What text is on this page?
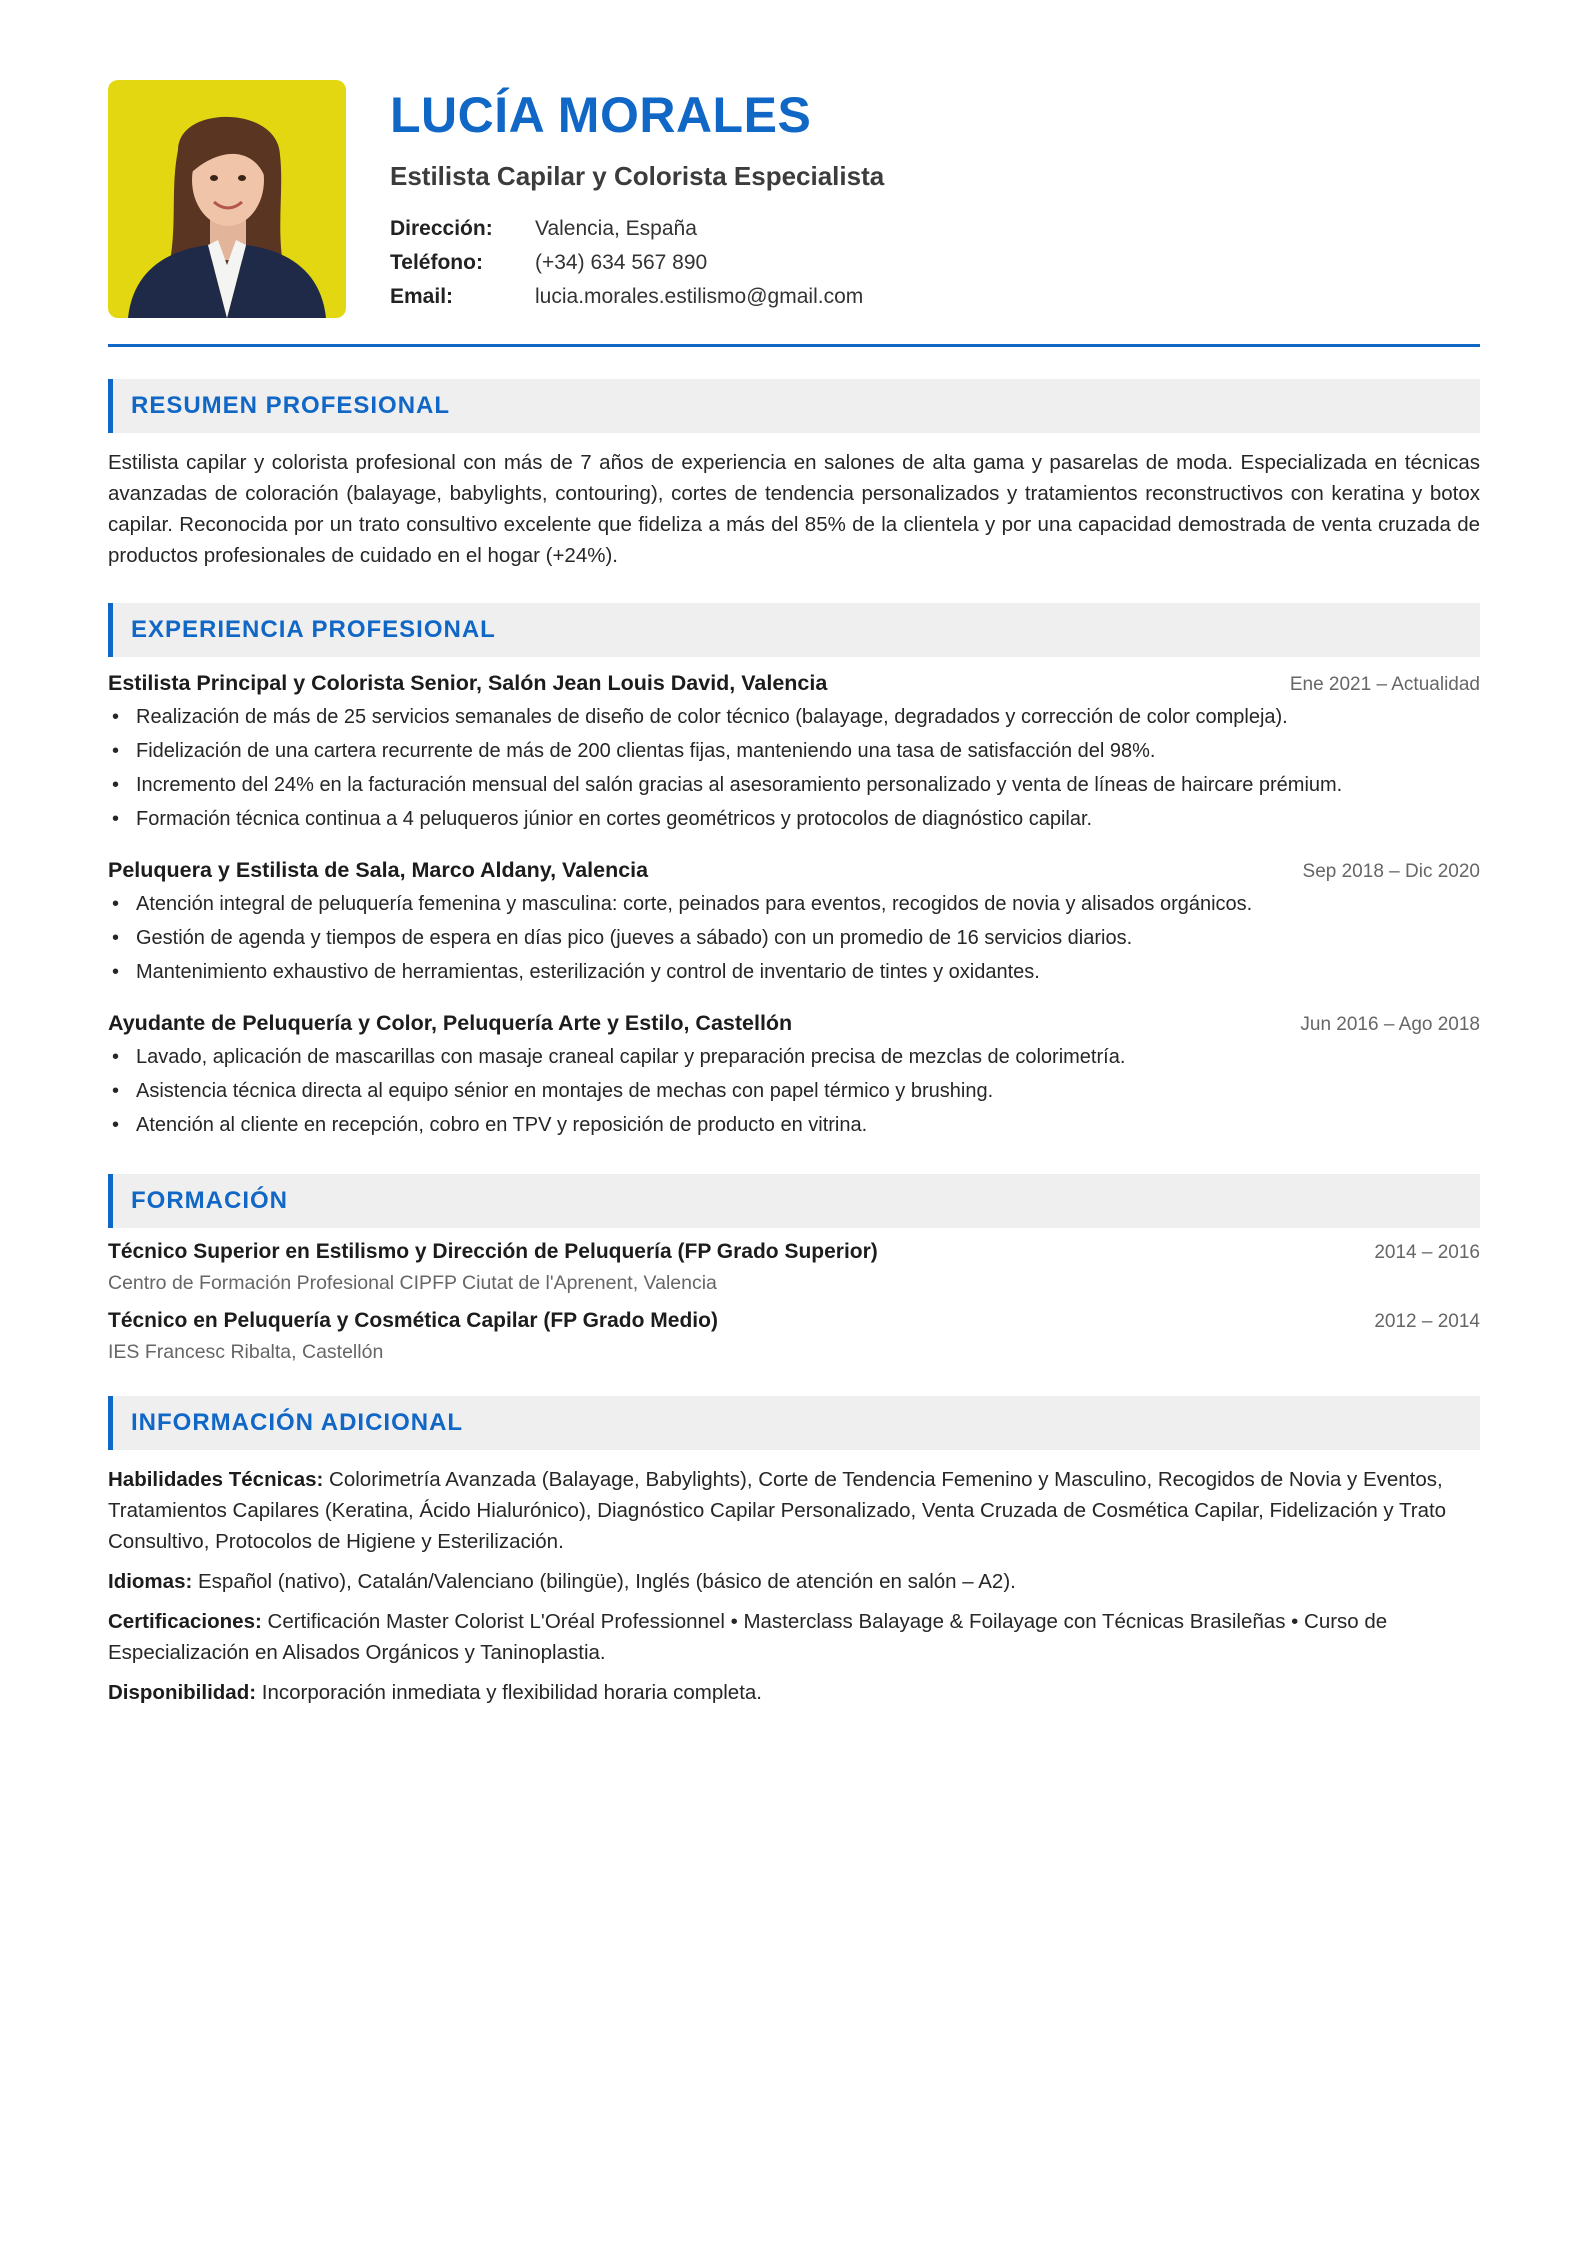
LUCÍA MORALES
Estilista Capilar y Colorista Especialista
Dirección:	Valencia, España
Teléfono:	(+34) 634 567 890
Email:	lucia.morales.estilismo@gmail.com
RESUMEN PROFESIONAL
Estilista capilar y colorista profesional con más de 7 años de experiencia en salones de alta gama y pasarelas de moda. Especializada en técnicas avanzadas de coloración (balayage, babylights, contouring), cortes de tendencia personalizados y tratamientos reconstructivos con keratina y botox capilar. Reconocida por un trato consultivo excelente que fideliza a más del 85% de la clientela y por una capacidad demostrada de venta cruzada de productos profesionales de cuidado en el hogar (+24%).
EXPERIENCIA PROFESIONAL
Estilista Principal y Colorista Senior, Salón Jean Louis David, Valencia	Ene 2021 – Actualidad
• Realización de más de 25 servicios semanales de diseño de color técnico (balayage, degradados y corrección de color compleja).
• Fidelización de una cartera recurrente de más de 200 clientas fijas, manteniendo una tasa de satisfacción del 98%.
• Incremento del 24% en la facturación mensual del salón gracias al asesoramiento personalizado y venta de líneas de haircare prémium.
• Formación técnica continua a 4 peluqueros júnior en cortes geométricos y protocolos de diagnóstico capilar.
Peluquera y Estilista de Sala, Marco Aldany, Valencia	Sep 2018 – Dic 2020
• Atención integral de peluquería femenina y masculina: corte, peinados para eventos, recogidos de novia y alisados orgánicos.
• Gestión de agenda y tiempos de espera en días pico (jueves a sábado) con un promedio de 16 servicios diarios.
• Mantenimiento exhaustivo de herramientas, esterilización y control de inventario de tintes y oxidantes.
Ayudante de Peluquería y Color, Peluquería Arte y Estilo, Castellón	Jun 2016 – Ago 2018
• Lavado, aplicación de mascarillas con masaje craneal capilar y preparación precisa de mezclas de colorimetría.
• Asistencia técnica directa al equipo sénior en montajes de mechas con papel térmico y brushing.
• Atención al cliente en recepción, cobro en TPV y reposición de producto en vitrina.
FORMACIÓN
Técnico Superior en Estilismo y Dirección de Peluquería (FP Grado Superior)	2014 – 2016
Centro de Formación Profesional CIPFP Ciutat de l'Aprenent, Valencia
Técnico en Peluquería y Cosmética Capilar (FP Grado Medio)	2012 – 2014
IES Francesc Ribalta, Castellón
INFORMACIÓN ADICIONAL

Habilidades Técnicas: Colorimetría Avanzada (Balayage, Babylights), Corte de Tendencia Femenino y Masculino, Recogidos de Novia y Eventos, Tratamientos Capilares (Keratina, Ácido Hialurónico), Diagnóstico Capilar Personalizado, Venta Cruzada de Cosmética Capilar, Fidelización y Trato Consultivo, Protocolos de Higiene y Esterilización.

Idiomas: Español (nativo), Catalán/Valenciano (bilingüe), Inglés (básico de atención en salón – A2).

Certificaciones: Certificación Master Colorist L'Oréal Professionnel • Masterclass Balayage & Foilayage con Técnicas Brasileñas • Curso de Especialización en Alisados Orgánicos y Taninoplastia.

Disponibilidad: Incorporación inmediata y flexibilidad horaria completa.
